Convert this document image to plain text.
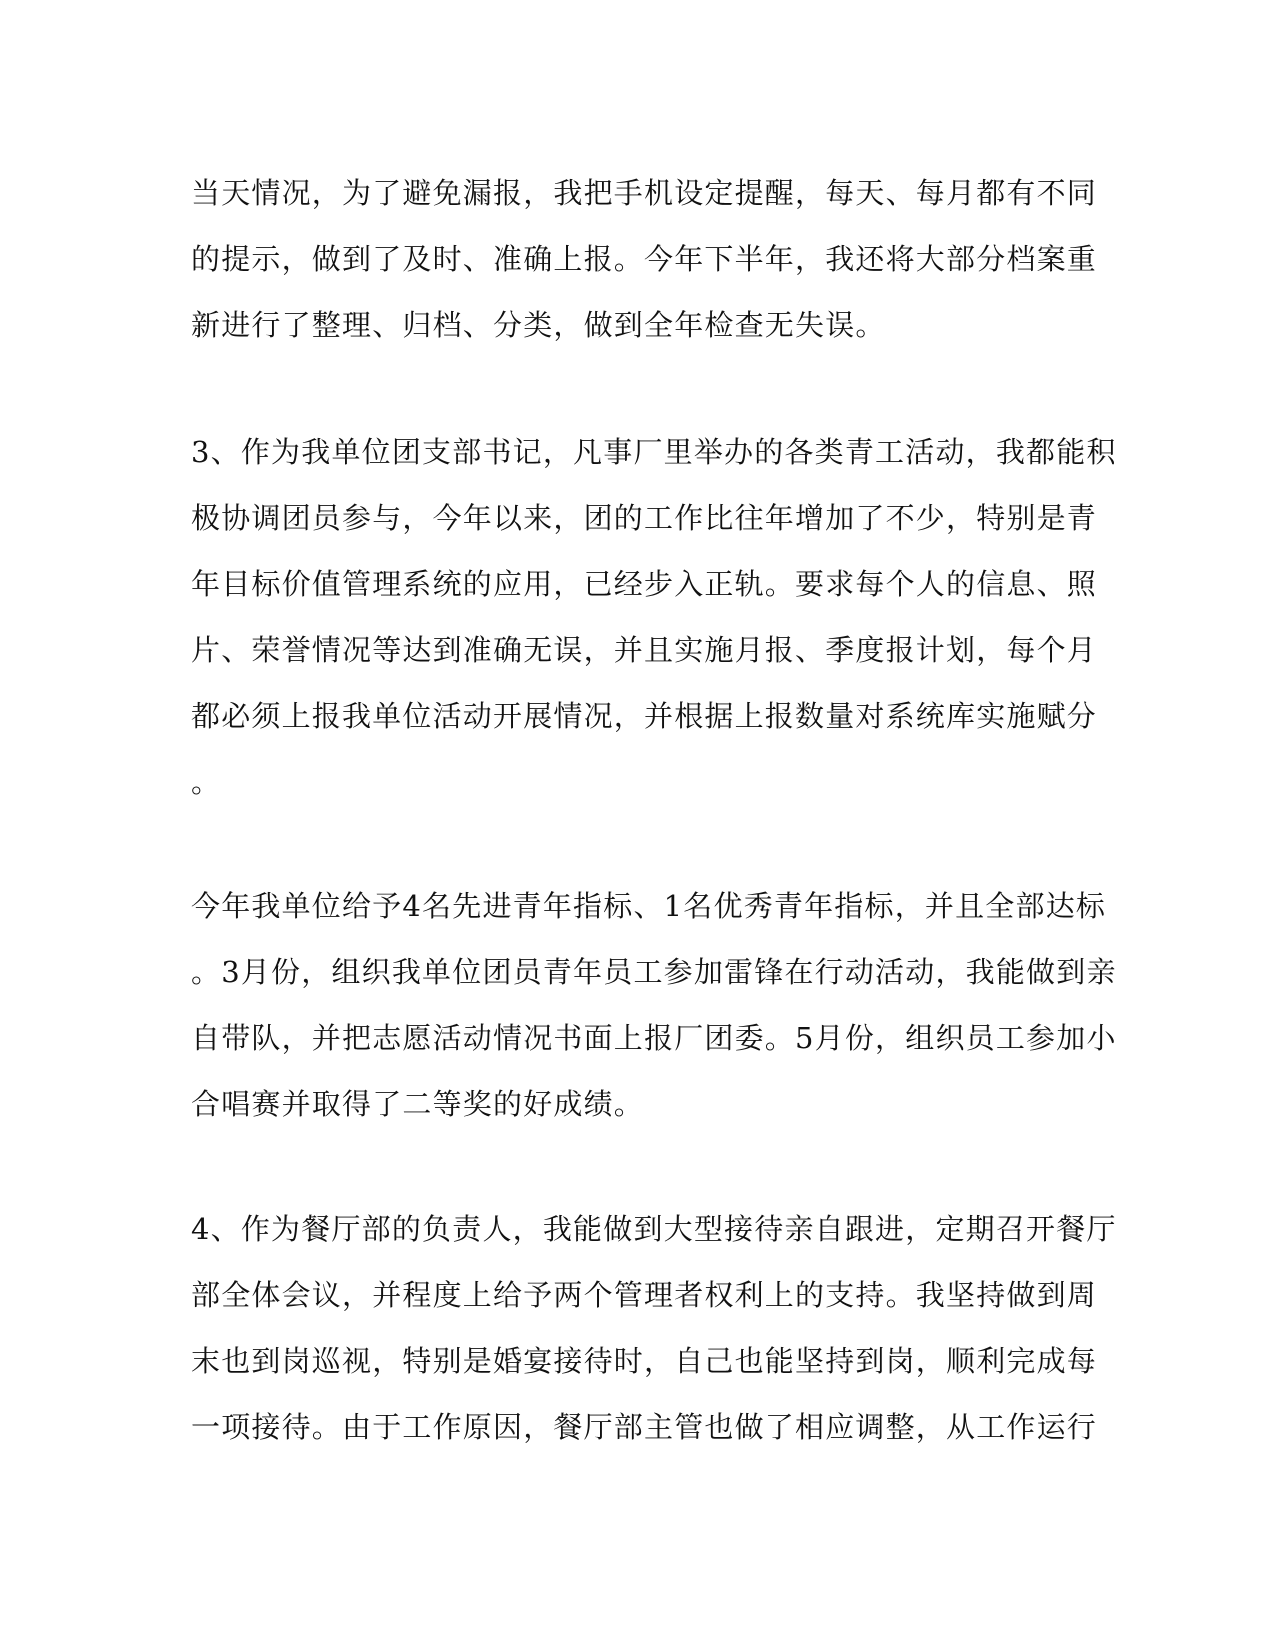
当天情况，为了避免漏报，我把手机设定提醒，每天、每月都有不同
的提示，做到了及时、准确上报。今年下半年，我还将大部分档案重
新进行了整理、归档、分类，做到全年检查无失误。
3、作为我单位团支部书记，凡事厂里举办的各类青工活动，我都能积
极协调团员参与，今年以来，团的工作比往年增加了不少，特别是青
年目标价值管理系统的应用，已经步入正轨。要求每个人的信息、照
片、荣誉情况等达到准确无误，并且实施月报、季度报计划，每个月
都必须上报我单位活动开展情况，并根据上报数量对系统库实施赋分
。
今年我单位给予4名先进青年指标、1名优秀青年指标，并且全部达标
。3月份，组织我单位团员青年员工参加雷锋在行动活动，我能做到亲
自带队，并把志愿活动情况书面上报厂团委。5月份，组织员工参加小
合唱赛并取得了二等奖的好成绩。
4、作为餐厅部的负责人，我能做到大型接待亲自跟进，定期召开餐厅
部全体会议，并程度上给予两个管理者权利上的支持。我坚持做到周
末也到岗巡视，特别是婚宴接待时，自己也能坚持到岗，顺利完成每
一项接待。由于工作原因，餐厅部主管也做了相应调整，从工作运行
